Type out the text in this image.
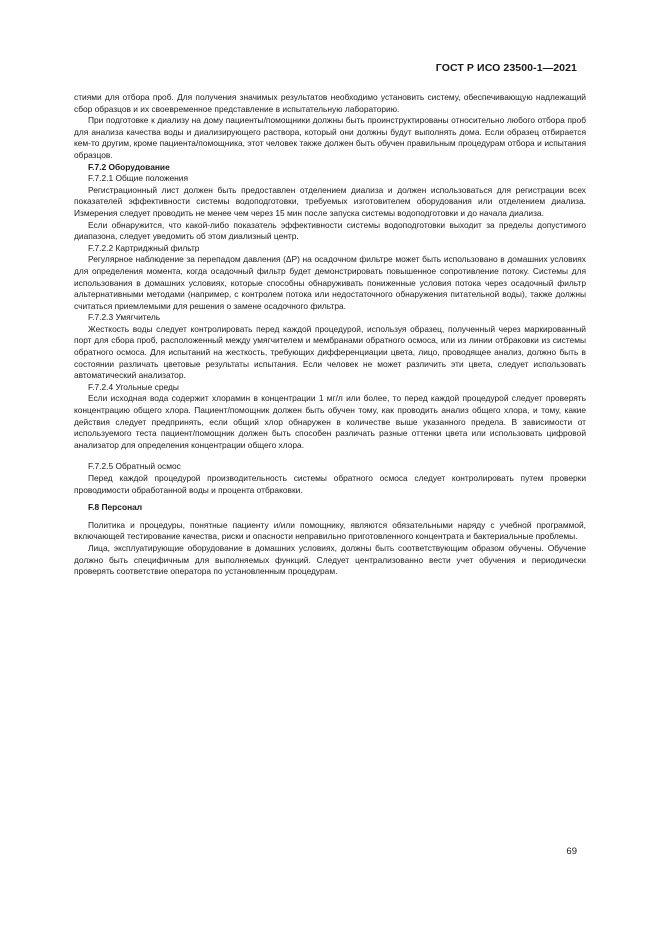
ГОСТ Р ИСО 23500-1—2021

стиями для отбора проб. Для получения значимых результатов необходимо установить систему, обеспечивающую надлежащий сбор образцов и их своевременное представление в испытательную лабораторию.

При подготовке к диализу на дому пациенты/помощники должны быть проинструктированы относительно любого отбора проб для анализа качества воды и диализирующего раствора, который они должны будут выполнять дома. Если образец отбирается кем-то другим, кроме пациента/помощника, этот человек также должен быть обучен правильным процедурам отбора и испытания образцов.

F.7.2 Оборудование

F.7.2.1 Общие положения

Регистрационный лист должен быть предоставлен отделением диализа и должен использоваться для регистрации всех показателей эффективности системы водоподготовки, требуемых изготовителем оборудования или отделением диализа. Измерения следует проводить не менее чем через 15 мин после запуска системы водоподготовки и до начала диализа.

Если обнаружится, что какой-либо показатель эффективности системы водоподготовки выходит за пределы допустимого диапазона, следует уведомить об этом диализный центр.

F.7.2.2 Картриджный фильтр

Регулярное наблюдение за перепадом давления (ΔP) на осадочном фильтре может быть использовано в домашних условиях для определения момента, когда осадочный фильтр будет демонстрировать повышенное сопротивление потоку. Системы для использования в домашних условиях, которые способны обнаруживать пониженные условия потока через осадочный фильтр альтернативными методами (например, с контролем потока или недостаточного обнаружения питательной воды), также должны считаться приемлемыми для решения о замене осадочного фильтра.

F.7.2.3 Умягчитель

Жесткость воды следует контролировать перед каждой процедурой, используя образец, полученный через маркированный порт для сбора проб, расположенный между умягчителем и мембранами обратного осмоса, или из линии отбраковки из системы обратного осмоса. Для испытаний на жесткость, требующих дифференциации цвета, лицо, проводящее анализ, должно быть в состоянии различать цветовые результаты испытания. Если человек не может различить эти цвета, следует использовать автоматический анализатор.

F.7.2.4 Угольные среды

Если исходная вода содержит хлорамин в концентрации 1 мг/л или более, то перед каждой процедурой следует проверять концентрацию общего хлора. Пациент/помощник должен быть обучен тому, как проводить анализ общего хлора, и тому, какие действия следует предпринять, если общий хлор обнаружен в количестве выше указанного предела. В зависимости от используемого теста пациент/помощник должен быть способен различать разные оттенки цвета или использовать цифровой анализатор для определения концентрации общего хлора.

F.7.2.5 Обратный осмос

Перед каждой процедурой производительность системы обратного осмоса следует контролировать путем проверки проводимости обработанной воды и процента отбраковки.

F.8 Персонал

Политика и процедуры, понятные пациенту и/или помощнику, являются обязательными наряду с учебной программой, включающей тестирование качества, риски и опасности неправильно приготовленного концентрата и бактериальные проблемы.

Лица, эксплуатирующие оборудование в домашних условиях, должны быть соответствующим образом обучены. Обучение должно быть специфичным для выполняемых функций. Следует централизованно вести учет обучения и периодически проверять соответствие оператора по установленным процедурам.

69
